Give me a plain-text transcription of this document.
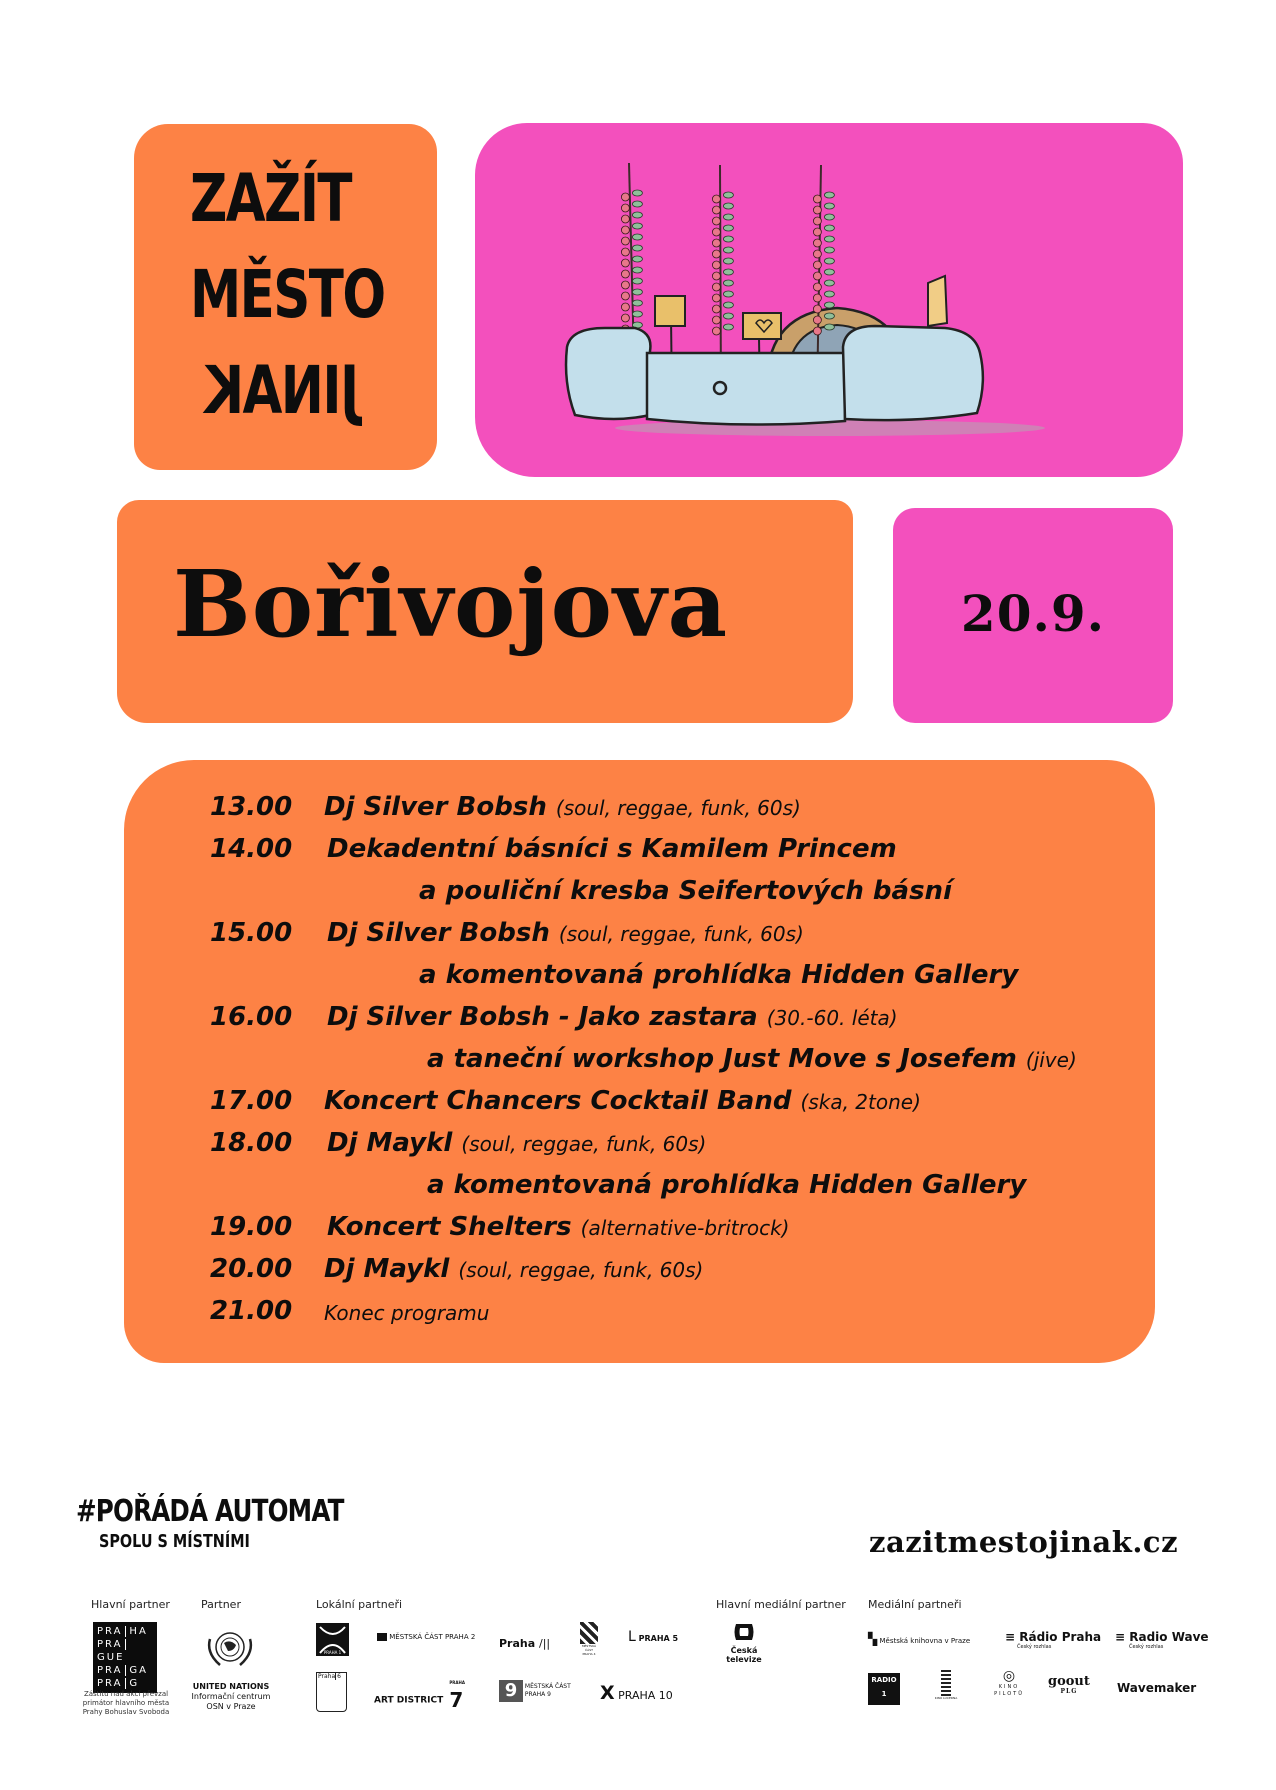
ZAŽÍT
MĚSTO
JINAK
Bořivojova	20.9.
13.00 Dj Silver Bobsh (soul, reggae, funk, 60s)
14.00 Dekadentní básníci s Kamilem Princem
a pouliční kresba Seifertových básní
15.00 Dj Silver Bobsh (soul, reggae, funk, 60s)
a komentovaná prohlídka Hidden Gallery
16.00 Dj Silver Bobsh - Jako zastara (30.-60. léta)
a taneční workshop Just Move s Josefem (jive)
17.00 Koncert Chancers Cocktail Band (ska, 2tone)
18.00 Dj Maykl (soul, reggae, funk, 60s)
a komentovaná prohlídka Hidden Gallery
19.00 Koncert Shelters (alternative-britrock)
20.00 Dj Maykl (soul, reggae, funk, 60s)
21.00 Konec programu
#POŘÁDÁ AUTOMAT
SPOLU S MÍSTNÍMI	zazitmestojinak.cz
Hlavní partner	Partner	Lokální partneři	Hlavní mediální partner Mediální partneři
PRA HA
PRAGUE
PRA GA
PRA G
Záštitu nad akcí převzal
primátor hlavního města
Prahy Bohuslav Svoboda
UNITED NATIONS
Informační centrum
OSN v Praze
PRAHA 1
MĚSTSKÁ ČÁST PRAHA 2 Praha /||	MĚSTSKÁ ČÁST
PRAHA 4
ᒪ PRAHA 5
Praha 6
ART DISTRICT
PRAHA
7	9 MĚSTSKÁ ČÁST
PRAHA 9	X PRAHA 10
Česká televize
▚ Městská knihovna v Praze	≡ Rádio Praha
Český rozhlas
≡ Radio Wave
Český rozhlas
RADIO 1	KINO LUCERNA
◎
KINO
PILOTŮ
goout
PLG	Wavemaker
